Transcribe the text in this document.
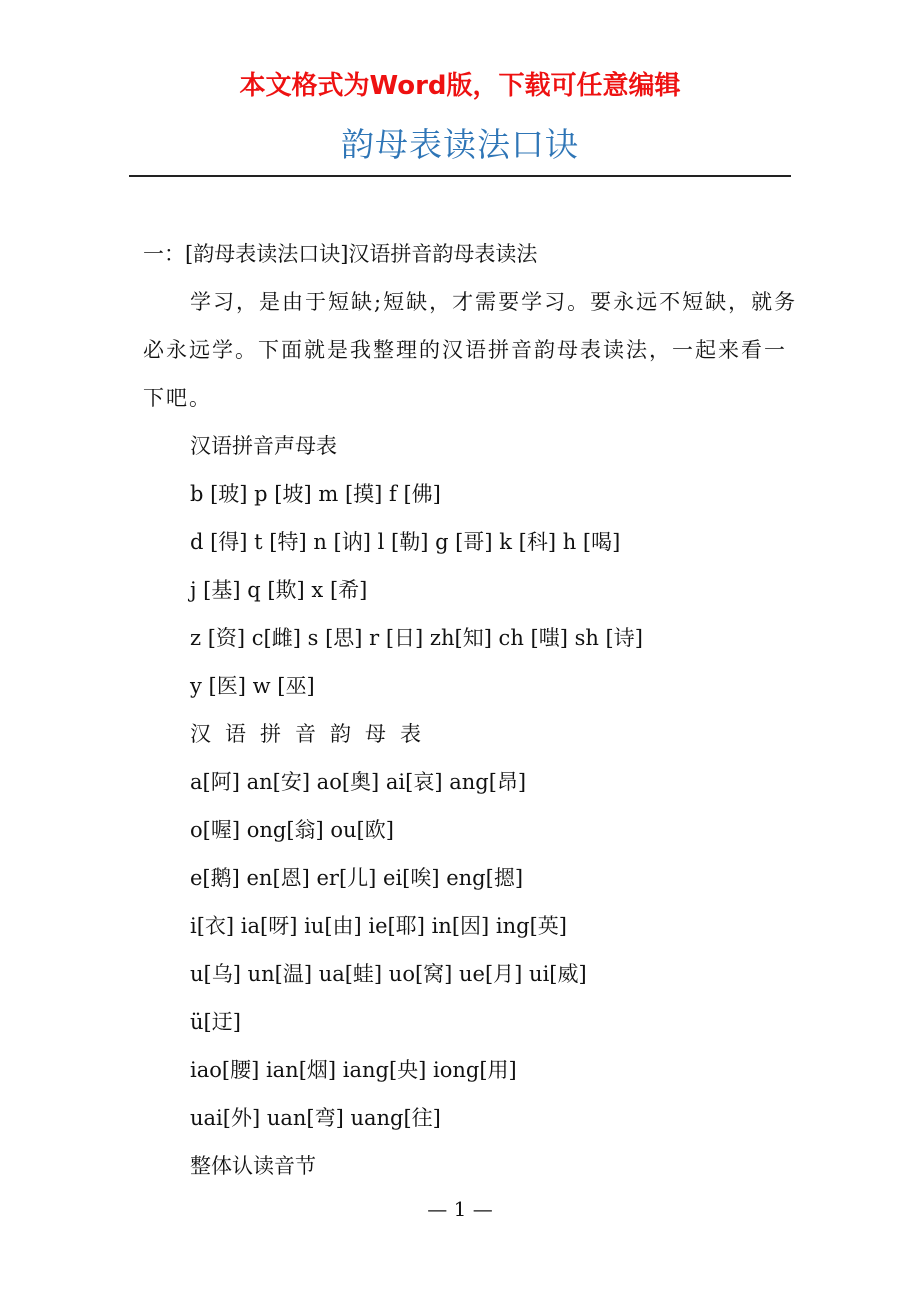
本文格式为Word版，下载可任意编辑
韵母表读法口诀

一：[韵母表读法口诀]汉语拼音韵母表读法

学习，是由于短缺;短缺，才需要学习。要永远不短缺，就务必永远学。下面就是我整理的汉语拼音韵母表读法，一起来看一下吧。

汉语拼音声母表

b [玻] p [坡] m [摸] f [佛]

d [得] t [特] n [讷] l [勒] g [哥] k [科] h [喝]

j [基] q [欺] x [希]

z [资] c[雌] s [思] r [日] zh[知] ch [嗤] sh [诗]

y [医] w [巫]

汉语拼音韵母表

a[阿] an[安] ao[奥] ai[哀] ang[昂]

o[喔] ong[翁] ou[欧]

e[鹅] en[恩] er[儿] ei[唉] eng[摁]

i[衣] ia[呀] iu[由] ie[耶] in[因] ing[英]

u[乌] un[温] ua[蛙] uo[窝] ue[月] ui[威]

ü[迂]

iao[腰] ian[烟] iang[央] iong[用]

uai[外] uan[弯] uang[往]

整体认读音节

— 1 —
